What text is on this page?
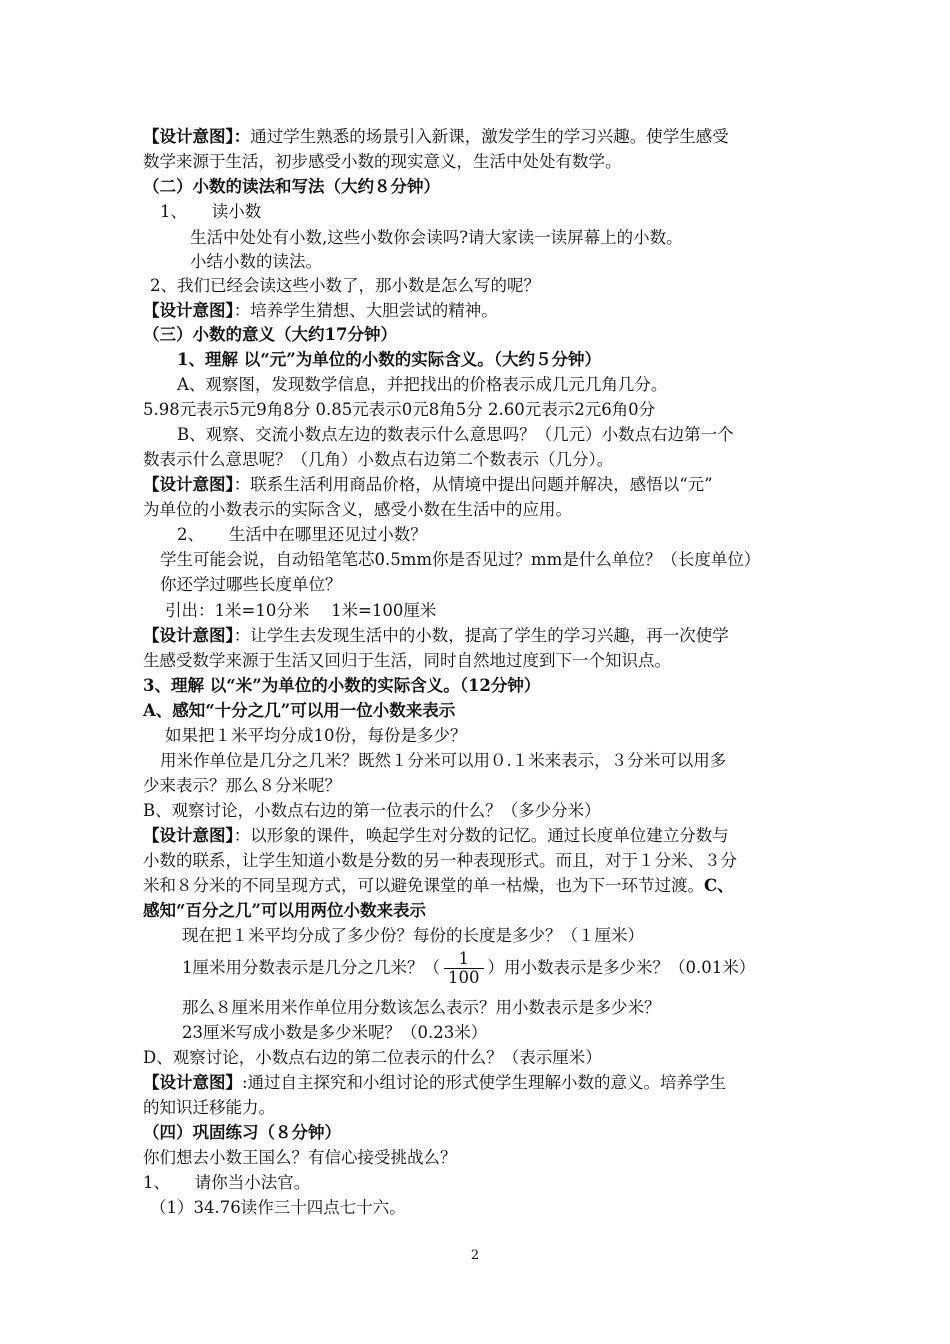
【设计意图】：通过学生熟悉的场景引入新课，激发学生的学习兴趣。使学生感受
数学来源于生活，初步感受小数的现实意义，生活中处处有数学。
（二）小数的读法和写法（大约８分钟）
1、　　读小数
生活中处处有小数,这些小数你会读吗?请大家读一读屏幕上的小数。
小结小数的读法。
2、我们已经会读这些小数了，那小数是怎么写的呢？
【设计意图】：培养学生猜想、大胆尝试的精神。
（三）小数的意义（大约17分钟）
1、理解 以“元”为单位的小数的实际含义。（大约５分钟）
A、观察图，发现数学信息，并把找出的价格表示成几元几角几分。
5.98元表示5元9角8分 0.85元表示0元8角5分 2.60元表示2元6角0分
B、观察、交流小数点左边的数表示什么意思吗？（几元）小数点右边第一个
数表示什么意思呢？（几角）小数点右边第二个数表示（几分）。
【设计意图】：联系生活利用商品价格，从情境中提出问题并解决，感悟以“元”
为单位的小数表示的实际含义，感受小数在生活中的应用。
2、　　生活中在哪里还见过小数？
学生可能会说，自动铅笔笔芯0.5mm你是否见过？mm是什么单位？（长度单位）
你还学过哪些长度单位？
引出：1米=10分米　 1米=100厘米
【设计意图】：让学生去发现生活中的小数，提高了学生的学习兴趣，再一次使学
生感受数学来源于生活又回归于生活，同时自然地过度到下一个知识点。
3、理解 以“米”为单位的小数的实际含义。（12分钟）
A、感知“十分之几”可以用一位小数来表示
如果把１米平均分成10份，每份是多少？
用米作单位是几分之几米？既然１分米可以用０.１米来表示，３分米可以用多
少来表示？那么８分米呢？
B、观察讨论，小数点右边的第一位表示的什么？（多少分米）
【设计意图】：以形象的课件，唤起学生对分数的记忆。通过长度单位建立分数与
小数的联系，让学生知道小数是分数的另一种表现形式。而且，对于１分米、３分
米和８分米的不同呈现方式，可以避免课堂的单一枯燥，也为下一环节过渡。C、
感知“百分之几”可以用两位小数来表示
现在把１米平均分成了多少份？每份的长度是多少？（１厘米）
1厘米用分数表示是几分之几米？（ $\frac{1}{100}$ ）用小数表示是多少米？（0.01米）
那么８厘米用米作单位用分数该怎么表示？用小数表示是多少米？
23厘米写成小数是多少米呢？（0.23米）
D、观察讨论，小数点右边的第二位表示的什么？（表示厘米）
【设计意图】:通过自主探究和小组讨论的形式使学生理解小数的意义。培养学生
的知识迁移能力。
（四）巩固练习（８分钟）
你们想去小数王国么？有信心接受挑战么？
1、　　请你当小法官。
（1）34.76读作三十四点七十六。
2
